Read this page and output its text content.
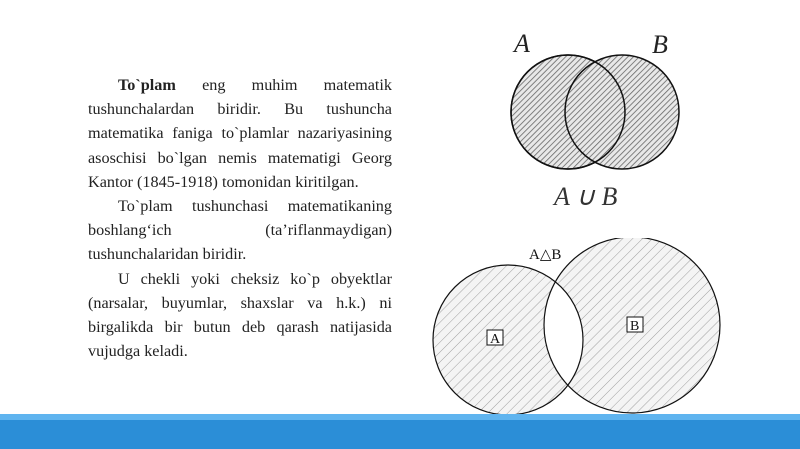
To`plam eng muhim matematik tushunchalardan biridir. Bu tushuncha matematika faniga to`plamlar nazariyasining asoschisi bo`lgan nemis matematigi Georg Kantor (1845-1918) tomonidan kiritilgan.

To`plam tushunchasi matematikaning boshlang‘ich (ta’riflanmaydigan) tushunchalaridan biridir.

U chekli yoki cheksiz ko`p obyektlar (narsalar, buyumlar, shaxslar va h.k.) ni birgalikda bir butun deb qarash natijasida vujudga keladi.

A	B
A ∪ B
A△B
A
B
